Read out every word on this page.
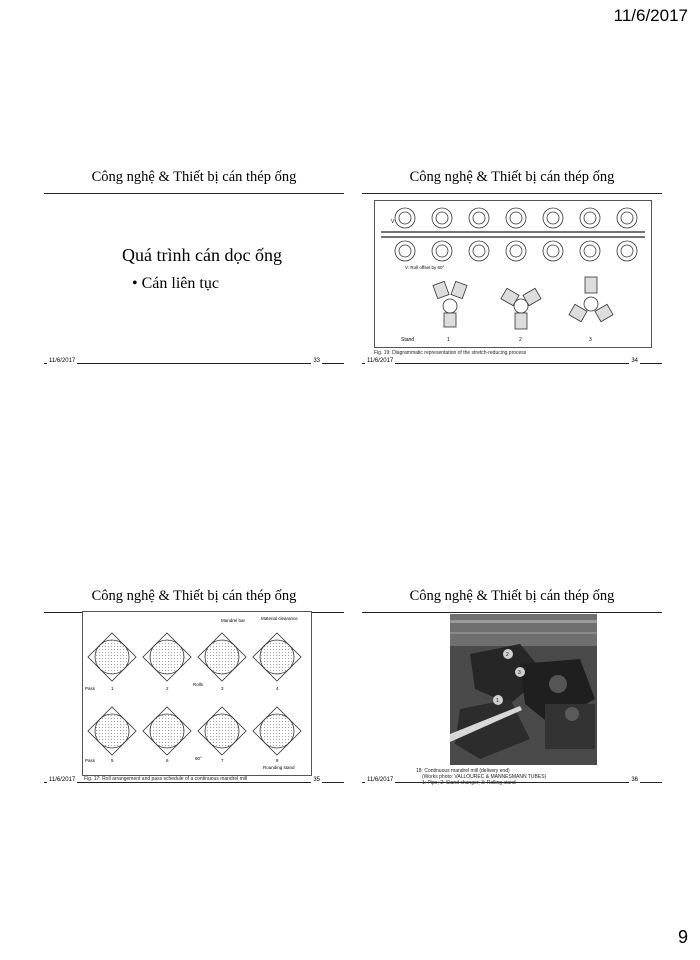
11/6/2017
Công nghệ & Thiết bị cán thép ống
Quá trình cán dọc ống
• Cán liên tục
11/6/2017	33
Công nghệ & Thiết bị cán thép ống
V
V: Roll offset by 60°
Stand	1	2	3
Fig. 19: Diagrammatic representation of the stretch-reducing process
11/6/2017	34
Công nghệ & Thiết bị cán thép ống
Mandrel bar	Material clearance
Rolls
Pass
Pass	90°
Rounding stand
1	2	3	4
5	6	7	8
Fig. 17: Roll arrangement and pass schedule of a continuous mandrel mill
11/6/2017	35
Công nghệ & Thiết bị cán thép ống
2
3
1
18: Continuous mandrel mill (delivery end)
(Works photo: VALLOUREC & MANNESMANN TUBES)
1: Pipe; 2: Stand changer; 3: Rolling stand
11/6/2017	36
9
